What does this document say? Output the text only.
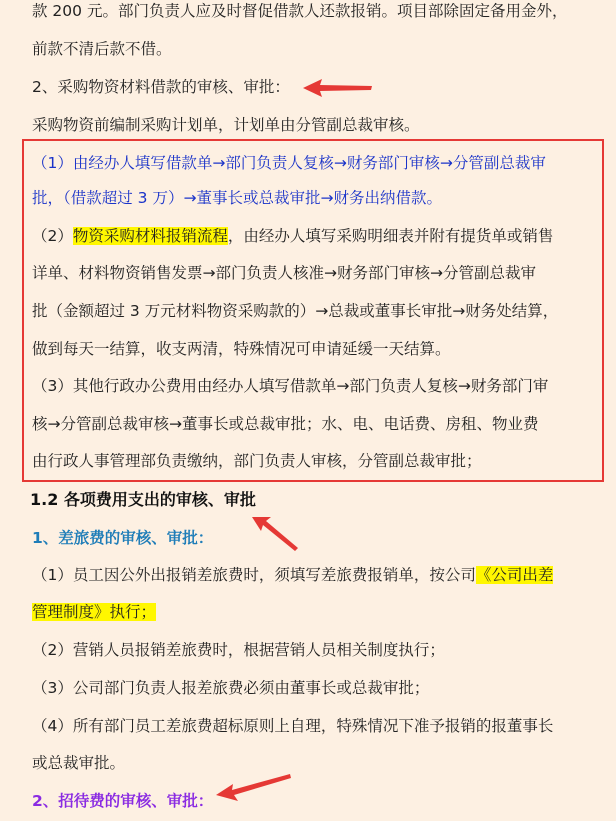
款 200 元。部门负责人应及时督促借款人还款报销。项目部除固定备用金外，

前款不清后款不借。

2、采购物资材料借款的审核、审批：

采购物资前编制采购计划单，计划单由分管副总裁审核。

（1）由经办人填写借款单→部门负责人复核→财务部门审核→分管副总裁审

批，（借款超过 3 万）→董事长或总裁审批→财务出纳借款。

（2）物资采购材料报销流程，由经办人填写采购明细表并附有提货单或销售

详单、材料物资销售发票→部门负责人核准→财务部门审核→分管副总裁审

批（金额超过 3 万元材料物资采购款的）→总裁或董事长审批→财务处结算，

做到每天一结算，收支两清，特殊情况可申请延缓一天结算。

（3）其他行政办公费用由经办人填写借款单→部门负责人复核→财务部门审

核→分管副总裁审核→董事长或总裁审批；水、电、电话费、房租、物业费

由行政人事管理部负责缴纳，部门负责人审核，分管副总裁审批；

1.2 各项费用支出的审核、审批

1、差旅费的审核、审批：

（1）员工因公外出报销差旅费时，须填写差旅费报销单，按公司《公司出差

管理制度》执行；

（2）营销人员报销差旅费时，根据营销人员相关制度执行；

（3）公司部门负责人报差旅费必须由董事长或总裁审批；

（4）所有部门员工差旅费超标原则上自理，特殊情况下准予报销的报董事长

或总裁审批。

2、招待费的审核、审批：
